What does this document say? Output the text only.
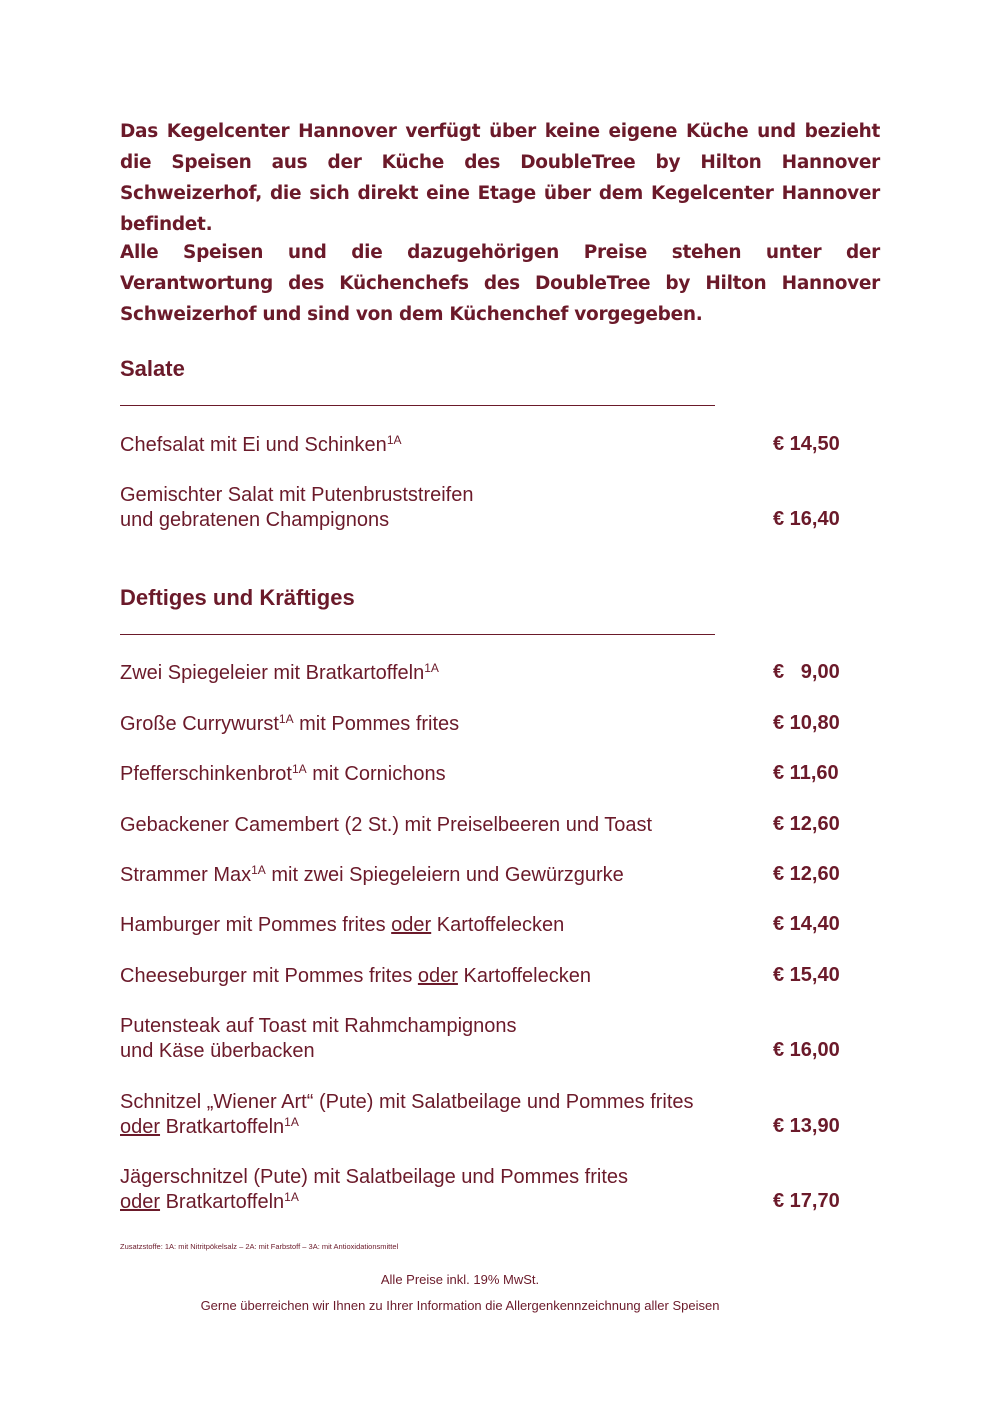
Das Kegelcenter Hannover verfügt über keine eigene Küche und bezieht die Speisen aus der Küche des DoubleTree by Hilton Hannover Schweizerhof, die sich direkt eine Etage über dem Kegelcenter Hannover befindet.
Alle Speisen und die dazugehörigen Preise stehen unter der Verantwortung des Küchenchefs des DoubleTree by Hilton Hannover Schweizerhof und sind von dem Küchenchef vorgegeben.
Salate
Chefsalat mit Ei und Schinken$^{1A}$	€ 14,50
Gemischter Salat mit Putenbruststreifen
und gebratenen Champignons	€ 16,40
Deftiges und Kräftiges
Zwei Spiegeleier mit Bratkartoffeln$^{1A}$	€   9,00
Große Currywurst$^{1A}$ mit Pommes frites	€ 10,80
Pfefferschinkenbrot$^{1A}$ mit Cornichons	€ 11,60
Gebackener Camembert (2 St.) mit Preiselbeeren und Toast	€ 12,60
Strammer Max$^{1A}$ mit zwei Spiegeleiern und Gewürzgurke	€ 12,60
Hamburger mit Pommes frites oder Kartoffelecken	€ 14,40
Cheeseburger mit Pommes frites oder Kartoffelecken	€ 15,40
Putensteak auf Toast mit Rahmchampignons
und Käse überbacken	€ 16,00
Schnitzel „Wiener Art“ (Pute) mit Salatbeilage und Pommes frites
oder Bratkartoffeln$^{1A}$	€ 13,90
Jägerschnitzel (Pute) mit Salatbeilage und Pommes frites
oder Bratkartoffeln$^{1A}$	€ 17,70
Zusatzstoffe: 1A: mit Nitritpökelsalz – 2A: mit Farbstoff – 3A: mit Antioxidationsmittel
Alle Preise inkl. 19% MwSt.
Gerne überreichen wir Ihnen zu Ihrer Information die Allergenkennzeichnung aller Speisen
